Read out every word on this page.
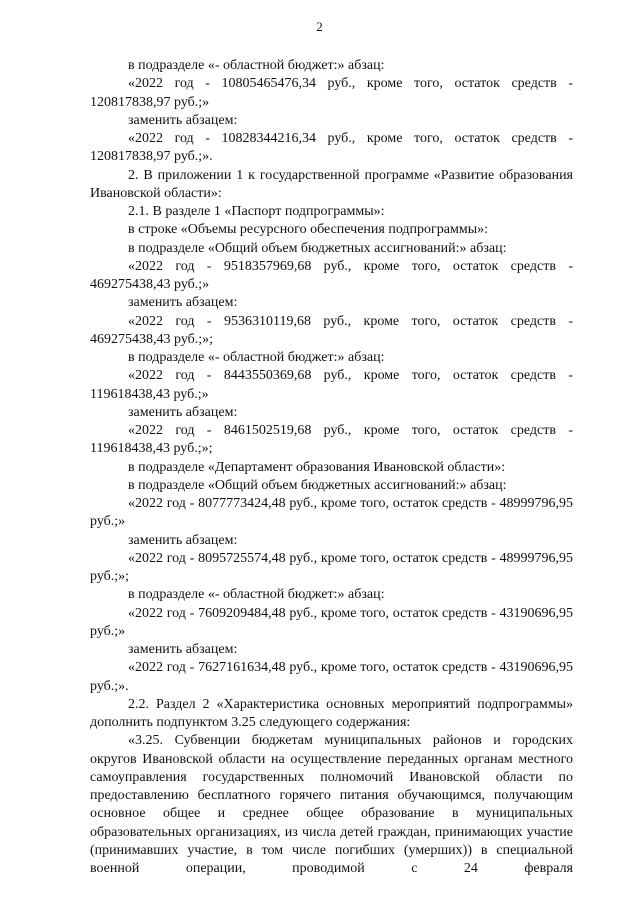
2

в подразделе «- областной бюджет:» абзац:

«2022 год - 10805465476,34 руб., кроме того, остаток средств - 120817838,97 руб.;»

заменить абзацем:

«2022 год - 10828344216,34 руб., кроме того, остаток средств - 120817838,97 руб.;».

2. В приложении 1 к государственной программе «Развитие образования Ивановской области»:

2.1. В разделе 1 «Паспорт подпрограммы»:

в строке «Объемы ресурсного обеспечения подпрограммы»:

в подразделе «Общий объем бюджетных ассигнований:» абзац:

«2022 год - 9518357969,68 руб., кроме того, остаток средств - 469275438,43 руб.;»

заменить абзацем:

«2022 год - 9536310119,68 руб., кроме того, остаток средств - 469275438,43 руб.;»;

в подразделе «- областной бюджет:» абзац:

«2022 год - 8443550369,68 руб., кроме того, остаток средств - 119618438,43 руб.;»

заменить абзацем:

«2022 год - 8461502519,68 руб., кроме того, остаток средств - 119618438,43 руб.;»;

в подразделе «Департамент образования Ивановской области»:

в подразделе «Общий объем бюджетных ассигнований:» абзац:

«2022 год - 8077773424,48 руб., кроме того, остаток средств - 48999796,95 руб.;»

заменить абзацем:

«2022 год - 8095725574,48 руб., кроме того, остаток средств - 48999796,95 руб.;»;

в подразделе «- областной бюджет:» абзац:

«2022 год - 7609209484,48 руб., кроме того, остаток средств - 43190696,95 руб.;»

заменить абзацем:

«2022 год - 7627161634,48 руб., кроме того, остаток средств - 43190696,95 руб.;».

2.2. Раздел 2 «Характеристика основных мероприятий подпрограммы» дополнить подпунктом 3.25 следующего содержания:

«3.25. Субвенции бюджетам муниципальных районов и городских округов Ивановской области на осуществление переданных органам местного самоуправления государственных полномочий Ивановской области по предоставлению бесплатного горячего питания обучающимся, получающим основное общее и среднее общее образование в муниципальных образовательных организациях, из числа детей граждан, принимающих участие (принимавших участие, в том числе погибших (умерших)) в специальной военной операции, проводимой с 24 февраля
